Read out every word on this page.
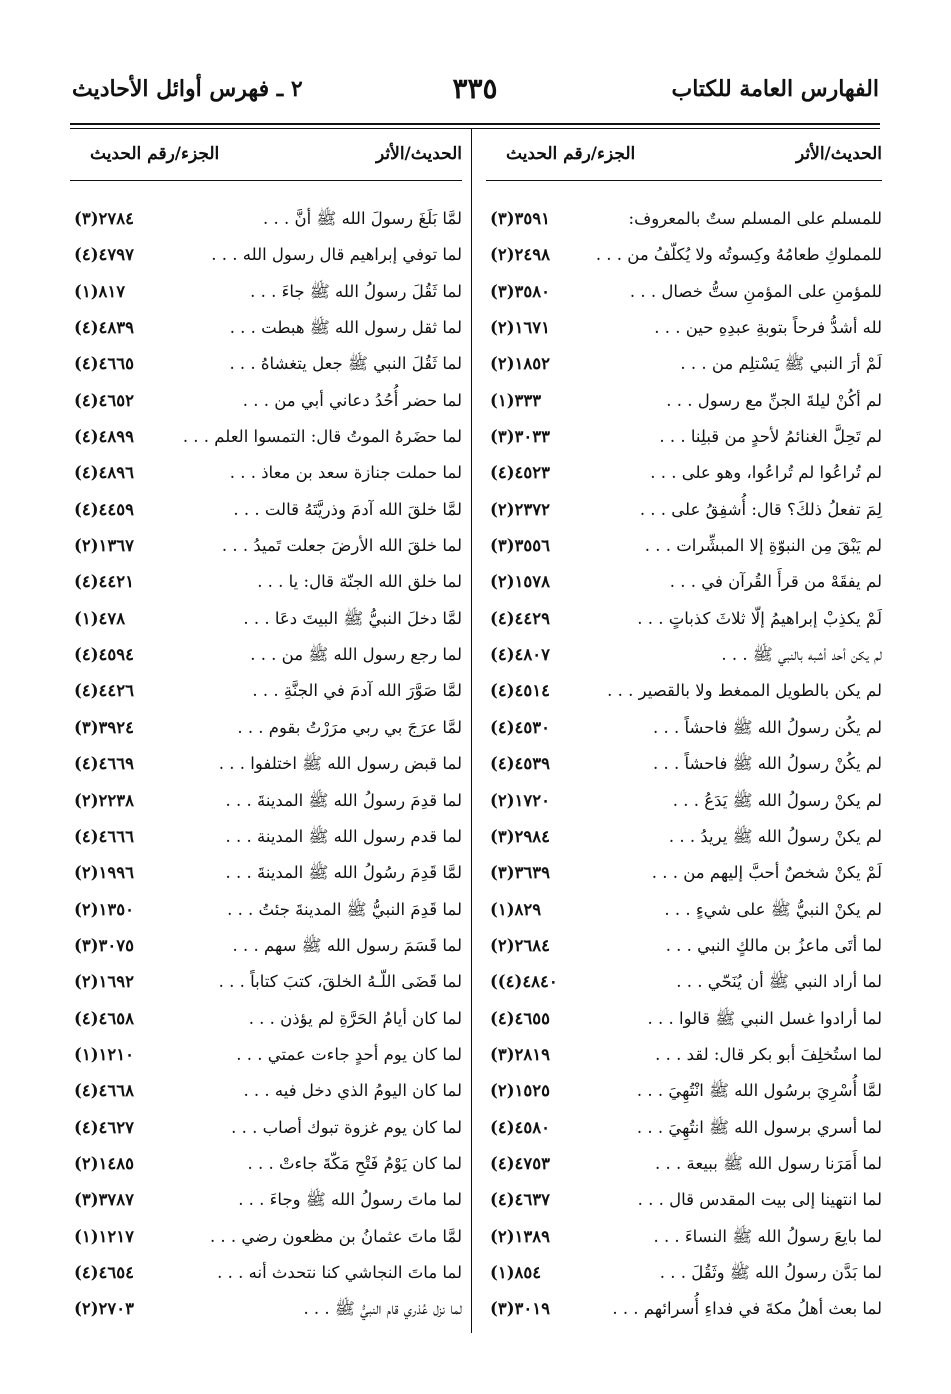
الفهارس العامة للكتاب
٣٣٥
٢ ـ فهرس أوائل الأحاديث
الحديث/الأثر
الجزء/رقم الحديث
للمسلم على المسلم ستٌ بالمعروف:
(٣)٣٥٩١
للمملوكِ طعامُهُ وكِسوتُه ولا يُكلّفُ من . . .
(٢)٢٤٩٨
للمؤمنِ على المؤمنِ ستُّ خصال . . .
(٣)٣٥٨٠
لله أشدُّ فرحاً بتوبةِ عبدِهِ حين . . .
(٢)١٦٧١
لَمْ أرَ النبي ﷺ يَسْتلِم من . . .
(٢)١٨٥٢
لم أكُنْ ليلةَ الجنِّ مع رسول . . .
(١)٣٣٣
لم تَحِلَّ الغنائمُ لأحدٍ من قبلِنا . . .
(٣)٣٠٣٣
لم تُراعُوا لم تُراعُوا، وهو على . . .
(٤)٤٥٢٣
لِمَ تفعلُ ذلكَ؟ قال: أُشفِقُ على . . .
(٢)٢٣٧٢
لم يَبْقَ مِن النبوّةِ إلا المبشِّرات . . .
(٣)٣٥٥٦
لم يفقَهْ من قرأَ القُرآن في . . .
(٢)١٥٧٨
لَمْ يكذِبْ إبراهيمُ إلّا ثلاثَ كذباتٍ . . .
(٤)٤٤٢٩
لم يكن أحد أشبه بالنبي ﷺ . . .
(٤)٤٨٠٧
لم يكن بالطويل الممغط ولا بالقصير . . .
(٤)٤٥١٤
لم يكُن رسولُ الله ﷺ فاحشاً . . .
(٤)٤٥٣٠
لم يكُنْ رسولُ الله ﷺ فاحشاً . . .
(٤)٤٥٣٩
لم يكنْ رسولُ الله ﷺ يَدَعُ . . .
(٢)١٧٢٠
لم يكنْ رسولُ الله ﷺ يريدُ . . .
(٣)٢٩٨٤
لَمْ يكنْ شخصٌ أحبَّ إليهم من . . .
(٣)٣٦٣٩
لم يكنْ النبيُّ ﷺ على شيءٍ . . .
(١)٨٢٩
لما أتَى ماعزُ بن مالكٍ النبي . . .
(٢)٢٦٨٤
لما أراد النبي ﷺ أن يُنَحّي . . .
((٤)٤٨٤٠
لما أرادوا غسل النبي ﷺ قالوا . . .
(٤)٤٦٥٥
لما استُخلِفَ أبو بكر قال: لقد . . .
(٣)٢٨١٩
لمَّا أُسْرِيَ برسُول الله ﷺ انْتُهِيَ . . .
(٢)١٥٢٥
لما أسري برسول الله ﷺ انتُهِيَ . . .
(٤)٤٥٨٠
لما أَمَرَنا رسول الله ﷺ ببيعة . . .
(٤)٤٧٥٣
لما انتهينا إلى بيت المقدس قال . . .
(٤)٤٦٣٧
لما بايعَ رسولُ الله ﷺ النساءَ . . .
(٢)١٣٨٩
لما بَدَّن رسولُ الله ﷺ وثَقُلَ . . .
(١)٨٥٤
لما بعث أهلُ مكةَ في فداءِ أُسرائهم . . .
(٣)٣٠١٩
الحديث/الأثر
الجزء/رقم الحديث
لمَّا بَلَغَ رسولَ الله ﷺ أنَّ . . .
(٣)٢٧٨٤
لما توفي إبراهيم قال رسول الله . . .
(٤)٤٧٩٧
لما ثَقُلَ رسولُ الله ﷺ جاءَ . . .
(١)٨١٧
لما ثقل رسول الله ﷺ هبطت . . .
(٤)٤٨٣٩
لما ثَقُلَ النبي ﷺ جعل يتغشاهُ . . .
(٤)٤٦٦٥
لما حضر أُحُدُ دعاني أبي من . . .
(٤)٤٦٥٢
لما حضَرهُ الموتُ قال: التمسوا العلم . . .
(٤)٤٨٩٩
لما حملت جنازة سعد بن معاذ . . .
(٤)٤٨٩٦
لمَّا خلقَ الله آدمَ وذريَّتَهُ قالت . . .
(٤)٤٤٥٩
لما خلقَ الله الأرضَ جعلت تَميدُ . . .
(٢)١٣٦٧
لما خلق الله الجنّة قال: يا . . .
(٤)٤٤٢١
لمَّا دخلَ النبيُّ ﷺ البيتَ دعَا . . .
(١)٤٧٨
لما رجع رسول الله ﷺ من . . .
(٤)٤٥٩٤
لمَّا صَوَّرَ الله آدمَ في الجنَّةِ . . .
(٤)٤٤٢٦
لمَّا عرَجَ بي ربي مرَرْتُ بقوم . . .
(٣)٣٩٢٤
لما قبض رسول الله ﷺ اختلفوا . . .
(٤)٤٦٦٩
لما قدِمَ رسولُ الله ﷺ المدينةَ . . .
(٢)٢٢٣٨
لما قدم رسول الله ﷺ المدينة . . .
(٤)٤٦٦٦
لمَّا قَدِمَ رسُولُ الله ﷺ المدينةَ . . .
(٢)١٩٩٦
لما قَدِمَ النبيُّ ﷺ المدينةَ جئتُ . . .
(٢)١٣٥٠
لما قَسَمَ رسول الله ﷺ سهم . . .
(٣)٣٠٧٥
لما قَضَى اللّـهُ الخلقَ، كتبَ كتاباً . . .
(٢)١٦٩٢
لما كان أيامُ الحَرَّةِ لم يؤذن . . .
(٤)٤٦٥٨
لما كان يوم أحدٍ جاءت عمتي . . .
(١)١٢١٠
لما كان اليومُ الذي دخل فيه . . .
(٤)٤٦٦٨
لما كان يوم غزوة تبوك أصاب . . .
(٤)٤٦٢٧
لما كان يَوْمُ فَتْحِ مَكّةَ جاءتْ . . .
(٢)١٤٨٥
لما ماتَ رسولُ الله ﷺ وجاءَ . . .
(٣)٣٧٨٧
لمَّا ماتَ عثمانُ بن مظعون رضي . . .
(١)١٢١٧
لما ماتَ النجاشي كنا نتحدث أنه . . .
(٤)٤٦٥٤
لما نزل عُذري قام النبيُّ ﷺ . . .
(٢)٢٧٠٣
